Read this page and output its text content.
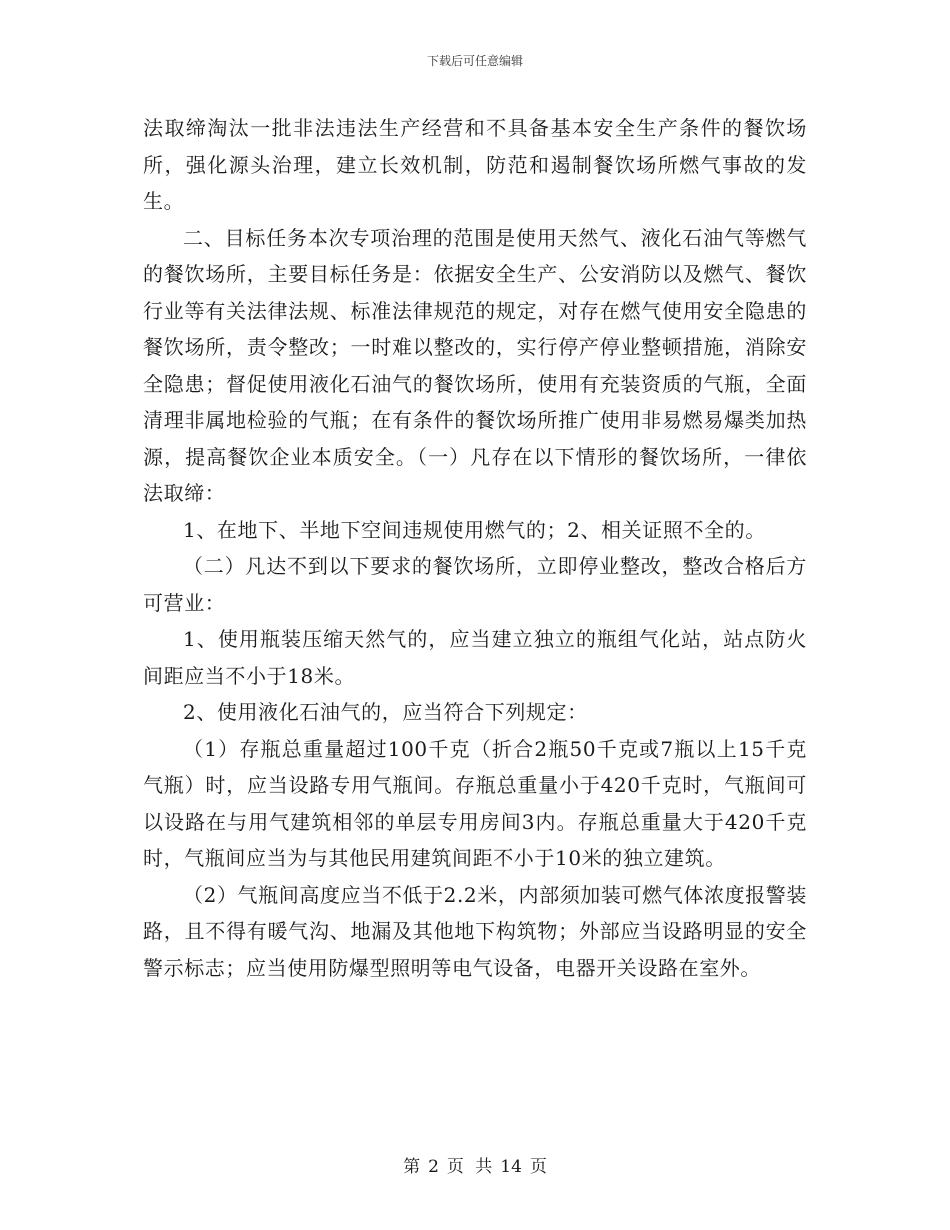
下载后可任意编辑

法取缔淘汰一批非法违法生产经营和不具备基本安全生产条件的餐饮场所，强化源头治理，建立长效机制，防范和遏制餐饮场所燃气事故的发生。

二、目标任务本次专项治理的范围是使用天然气、液化石油气等燃气的餐饮场所，主要目标任务是：依据安全生产、公安消防以及燃气、餐饮行业等有关法律法规、标准法律规范的规定，对存在燃气使用安全隐患的餐饮场所，责令整改；一时难以整改的，实行停产停业整顿措施，消除安全隐患；督促使用液化石油气的餐饮场所，使用有充装资质的气瓶，全面清理非属地检验的气瓶；在有条件的餐饮场所推广使用非易燃易爆类加热源，提高餐饮企业本质安全。（一）凡存在以下情形的餐饮场所，一律依法取缔：

1、在地下、半地下空间违规使用燃气的；2、相关证照不全的。

（二）凡达不到以下要求的餐饮场所，立即停业整改，整改合格后方可营业：

1、使用瓶装压缩天然气的，应当建立独立的瓶组气化站，站点防火间距应当不小于18米。

2、使用液化石油气的，应当符合下列规定：

（1）存瓶总重量超过100千克（折合2瓶50千克或7瓶以上15千克气瓶）时，应当设路专用气瓶间。存瓶总重量小于420千克时，气瓶间可以设路在与用气建筑相邻的单层专用房间3内。存瓶总重量大于420千克时，气瓶间应当为与其他民用建筑间距不小于10米的独立建筑。

（2）气瓶间高度应当不低于2.2米，内部须加装可燃气体浓度报警装路，且不得有暖气沟、地漏及其他地下构筑物；外部应当设路明显的安全警示标志；应当使用防爆型照明等电气设备，电器开关设路在室外。

第 2 页 共 14 页
